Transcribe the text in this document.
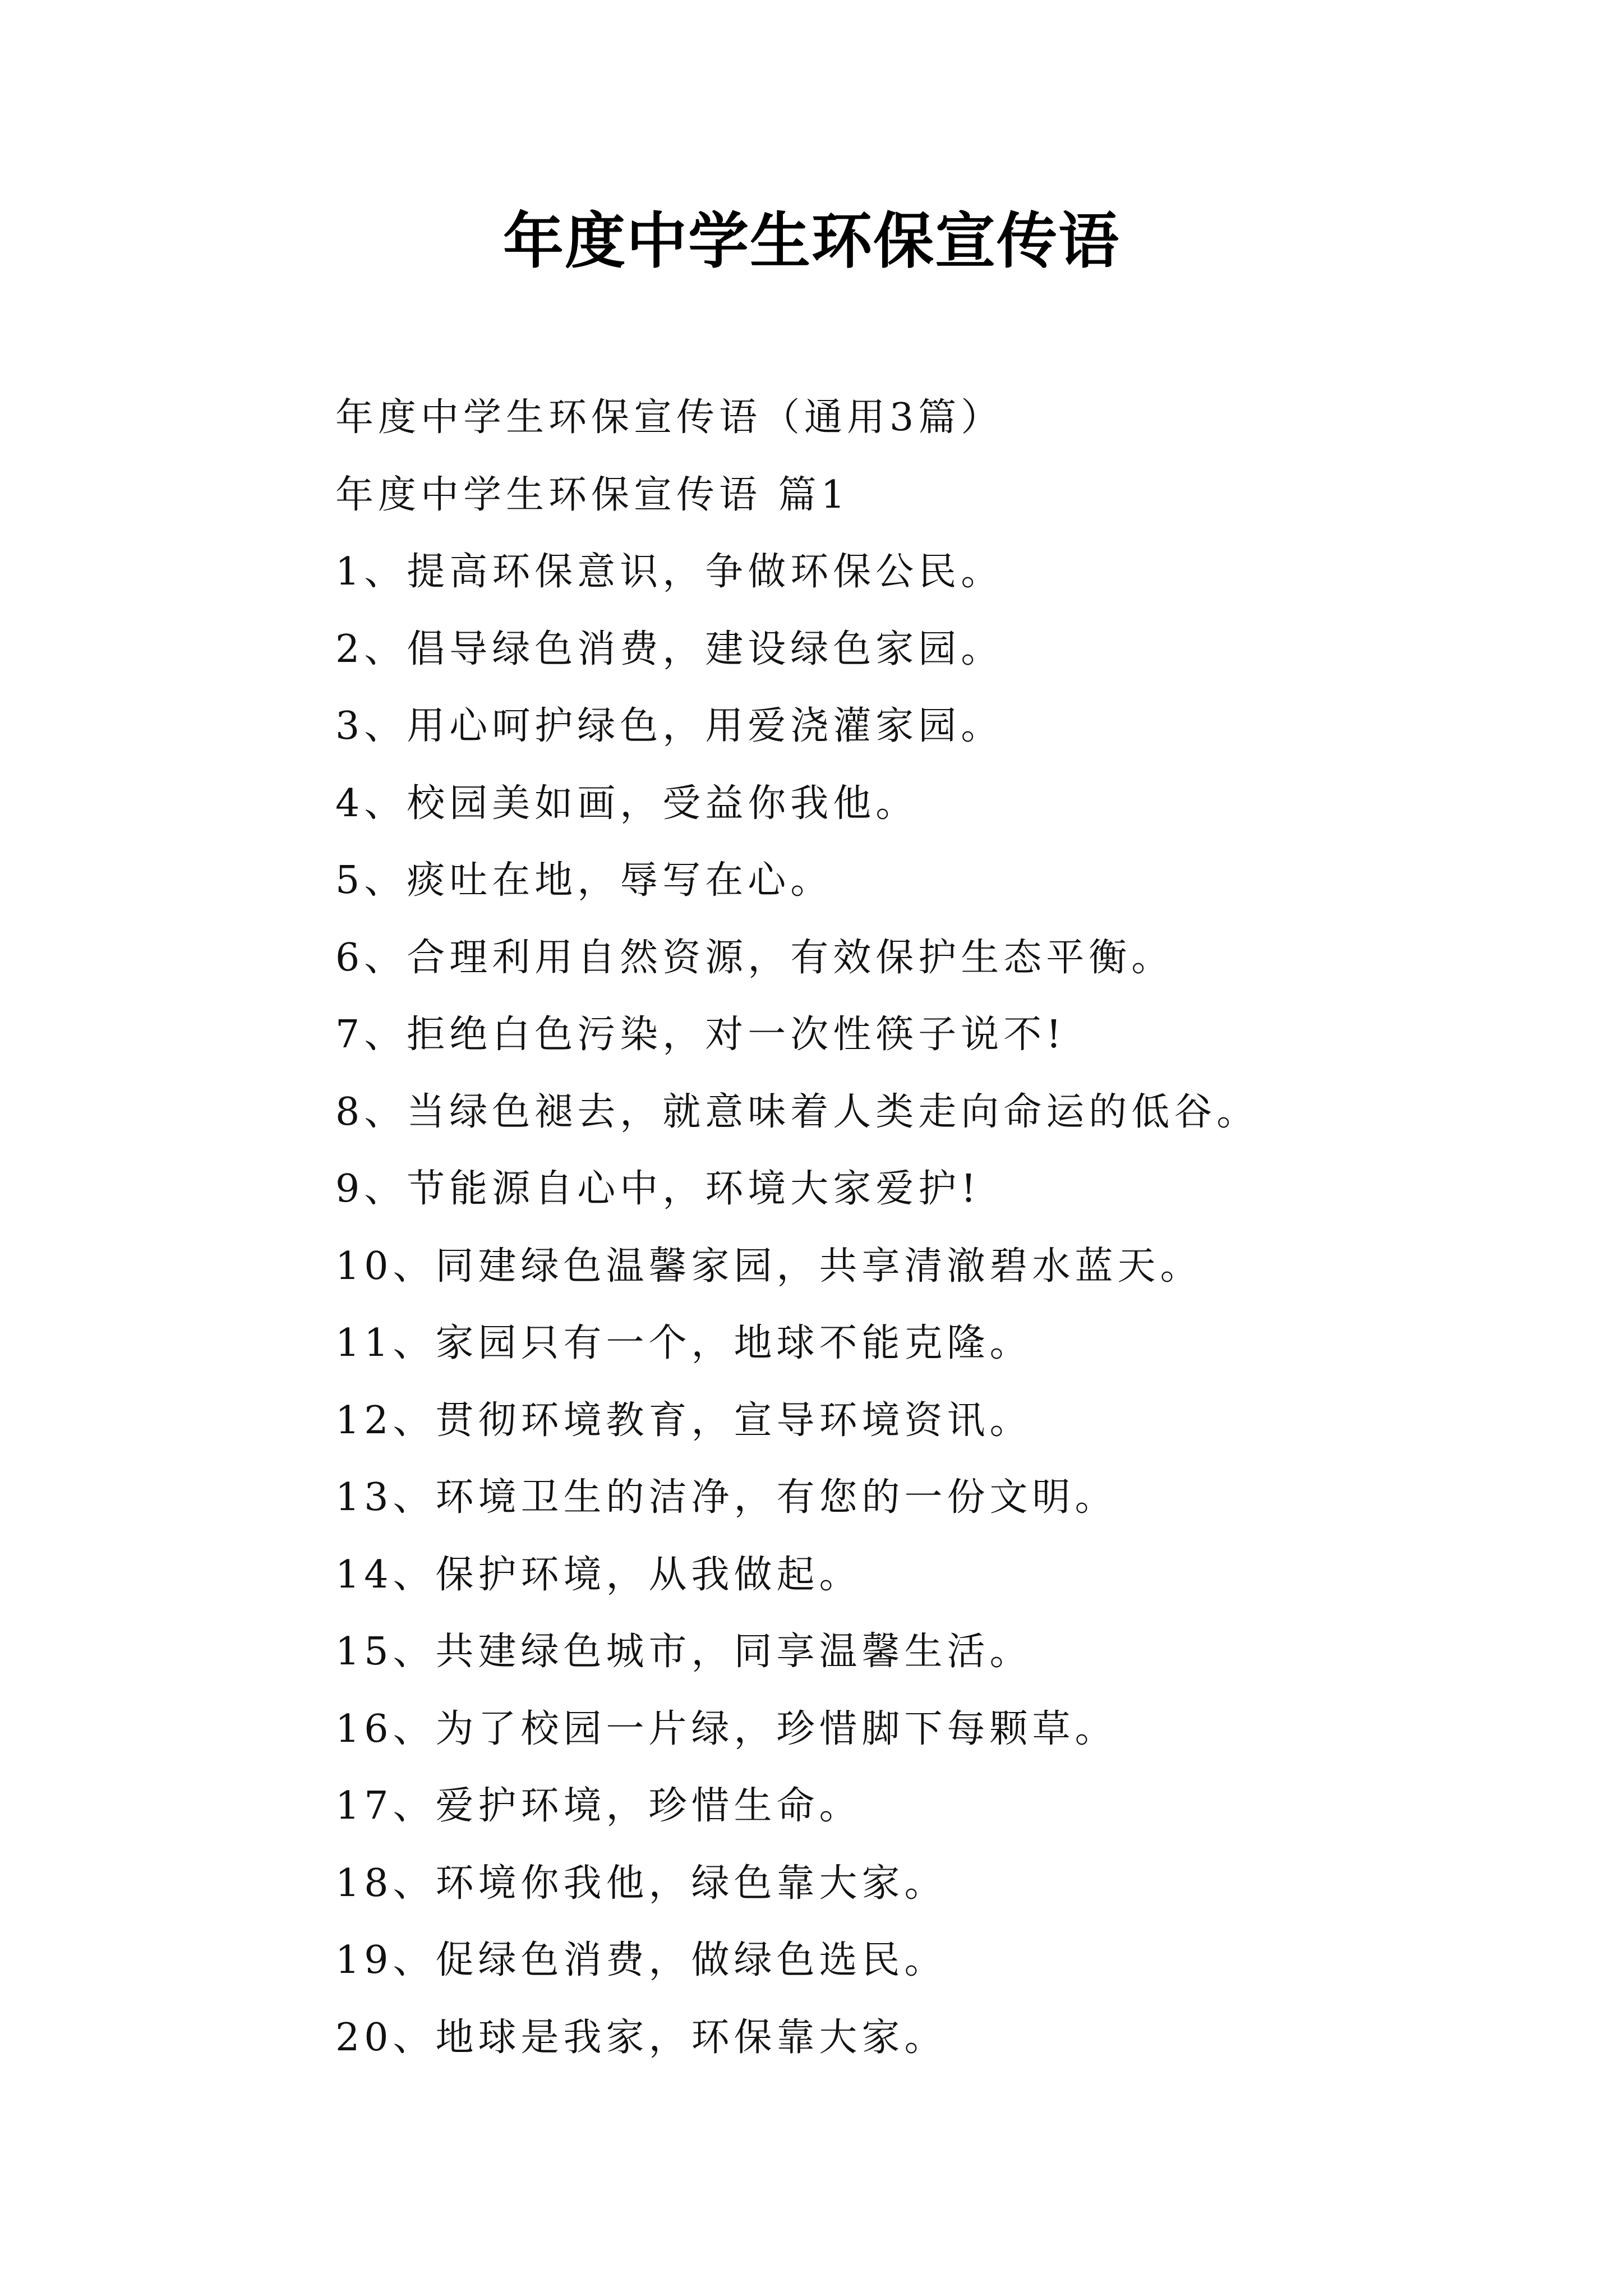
年度中学生环保宣传语
年度中学生环保宣传语（通用3篇）
年度中学生环保宣传语 篇1
1、提高环保意识，争做环保公民。
2、倡导绿色消费，建设绿色家园。
3、用心呵护绿色，用爱浇灌家园。
4、校园美如画，受益你我他。
5、痰吐在地，辱写在心。
6、合理利用自然资源，有效保护生态平衡。
7、拒绝白色污染，对一次性筷子说不!
8、当绿色褪去，就意味着人类走向命运的低谷。
9、节能源自心中，环境大家爱护!
10、同建绿色温馨家园，共享清澈碧水蓝天。
11、家园只有一个，地球不能克隆。
12、贯彻环境教育，宣导环境资讯。
13、环境卫生的洁净，有您的一份文明。
14、保护环境，从我做起。
15、共建绿色城市，同享温馨生活。
16、为了校园一片绿，珍惜脚下每颗草。
17、爱护环境，珍惜生命。
18、环境你我他，绿色靠大家。
19、促绿色消费，做绿色选民。
20、地球是我家，环保靠大家。
